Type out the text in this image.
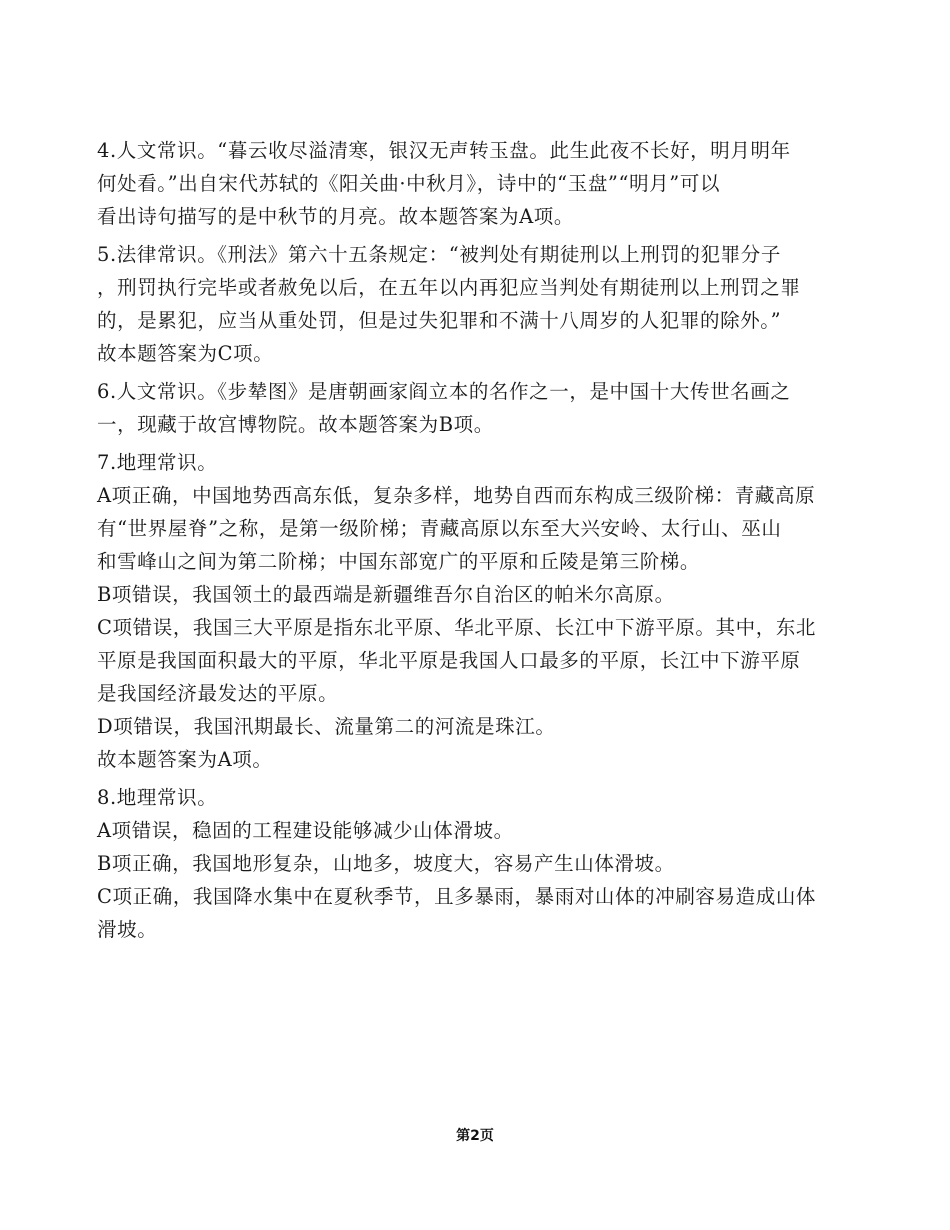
4.人文常识。“暮云收尽溢清寒，银汉无声转玉盘。此生此夜不长好，明月明年
何处看。”出自宋代苏轼的《阳关曲·中秋月》，诗中的“玉盘”“明月”可以
看出诗句描写的是中秋节的月亮。故本题答案为A项。
5.法律常识。《刑法》第六十五条规定：“被判处有期徒刑以上刑罚的犯罪分子
，刑罚执行完毕或者赦免以后，在五年以内再犯应当判处有期徒刑以上刑罚之罪
的，是累犯，应当从重处罚，但是过失犯罪和不满十八周岁的人犯罪的除外。”
故本题答案为C项。
6.人文常识。《步辇图》是唐朝画家阎立本的名作之一，是中国十大传世名画之
一，现藏于故宫博物院。故本题答案为B项。
7.地理常识。
A项正确，中国地势西高东低，复杂多样，地势自西而东构成三级阶梯：青藏高原
有“世界屋脊”之称，是第一级阶梯；青藏高原以东至大兴安岭、太行山、巫山
和雪峰山之间为第二阶梯；中国东部宽广的平原和丘陵是第三阶梯。
B项错误，我国领土的最西端是新疆维吾尔自治区的帕米尔高原。
C项错误，我国三大平原是指东北平原、华北平原、长江中下游平原。其中，东北
平原是我国面积最大的平原，华北平原是我国人口最多的平原，长江中下游平原
是我国经济最发达的平原。
D项错误，我国汛期最长、流量第二的河流是珠江。
故本题答案为A项。
8.地理常识。
A项错误，稳固的工程建设能够减少山体滑坡。
B项正确，我国地形复杂，山地多，坡度大，容易产生山体滑坡。
C项正确，我国降水集中在夏秋季节，且多暴雨，暴雨对山体的冲刷容易造成山体
滑坡。
第2页
